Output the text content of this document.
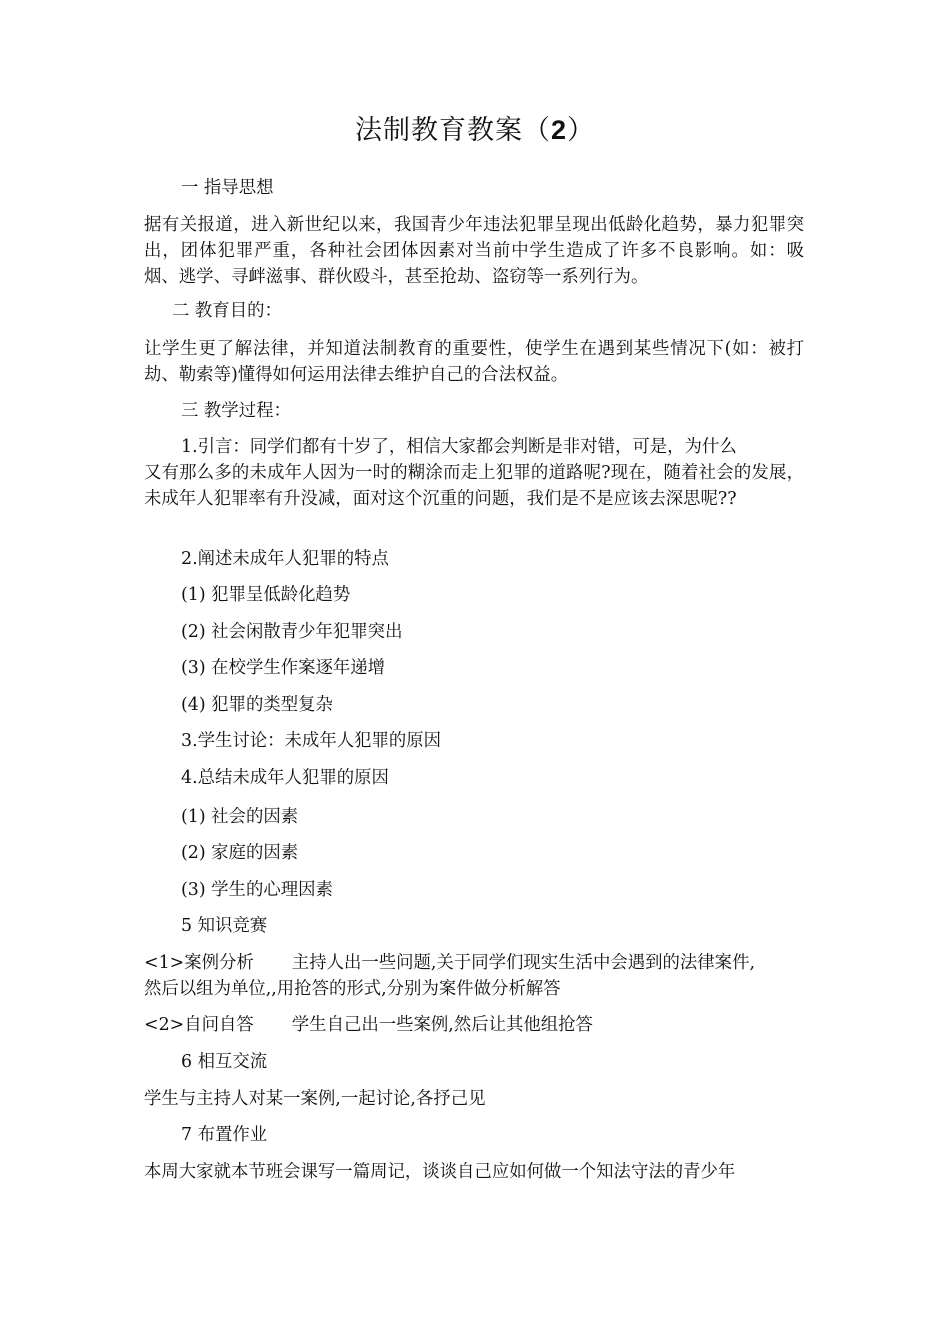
法制教育教案（2）
一 指导思想
据有关报道，进入新世纪以来，我国青少年违法犯罪呈现出低龄化趋势，暴力犯罪突出，团体犯罪严重，各种社会团体因素对当前中学生造成了许多不良影响。如：吸烟、逃学、寻衅滋事、群伙殴斗，甚至抢劫、盗窃等一系列行为。
二 教育目的：
让学生更了解法律，并知道法制教育的重要性，使学生在遇到某些情况下(如：被打劫、勒索等)懂得如何运用法律去维护自己的合法权益。
三 教学过程：
1.引言：同学们都有十岁了，相信大家都会判断是非对错，可是，为什么
又有那么多的未成年人因为一时的糊涂而走上犯罪的道路呢?现在，随着社会的发展，未成年人犯罪率有升没减，面对这个沉重的问题，我们是不是应该去深思呢??
2.阐述未成年人犯罪的特点
(1) 犯罪呈低龄化趋势
(2) 社会闲散青少年犯罪突出
(3) 在校学生作案逐年递增
(4) 犯罪的类型复杂
3.学生讨论：未成年人犯罪的原因
4.总结未成年人犯罪的原因
(1) 社会的因素
(2) 家庭的因素
(3) 学生的心理因素
5 知识竞赛
<1>案例分析 主持人出一些问题,关于同学们现实生活中会遇到的法律案件,
然后以组为单位,,用抢答的形式,分别为案件做分析解答
<2>自问自答 学生自己出一些案例,然后让其他组抢答
6 相互交流
学生与主持人对某一案例,一起讨论,各抒己见
7 布置作业
本周大家就本节班会课写一篇周记，谈谈自己应如何做一个知法守法的青少年
